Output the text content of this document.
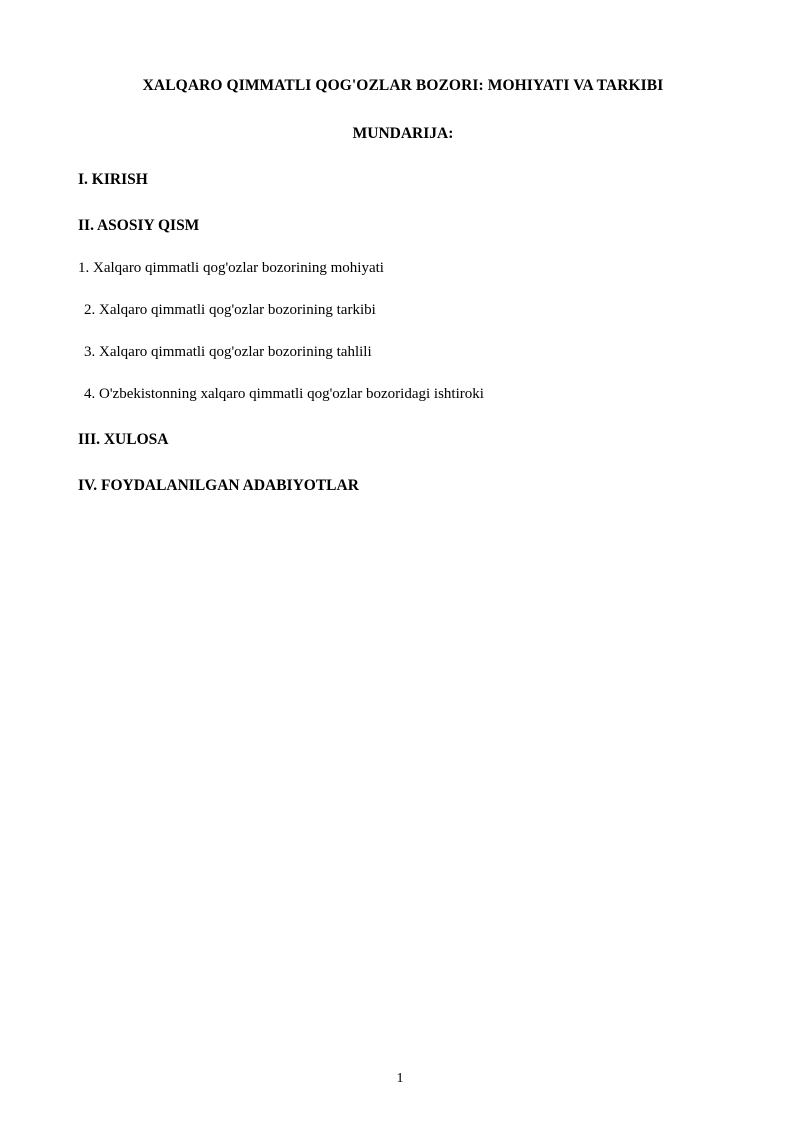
XALQARO QIMMATLI QOG'OZLAR BOZORI: MOHIYATI VA TARKIBI
MUNDARIJA:
I. KIRISH
II. ASOSIY QISM
1. Xalqaro qimmatli qog'ozlar bozorining mohiyati
2. Xalqaro qimmatli qog'ozlar bozorining tarkibi
3. Xalqaro qimmatli qog'ozlar bozorining tahlili
4. O'zbekistonning xalqaro qimmatli qog'ozlar bozoridagi ishtiroki
III. XULOSA
IV. FOYDALANILGAN ADABIYOTLAR
1
